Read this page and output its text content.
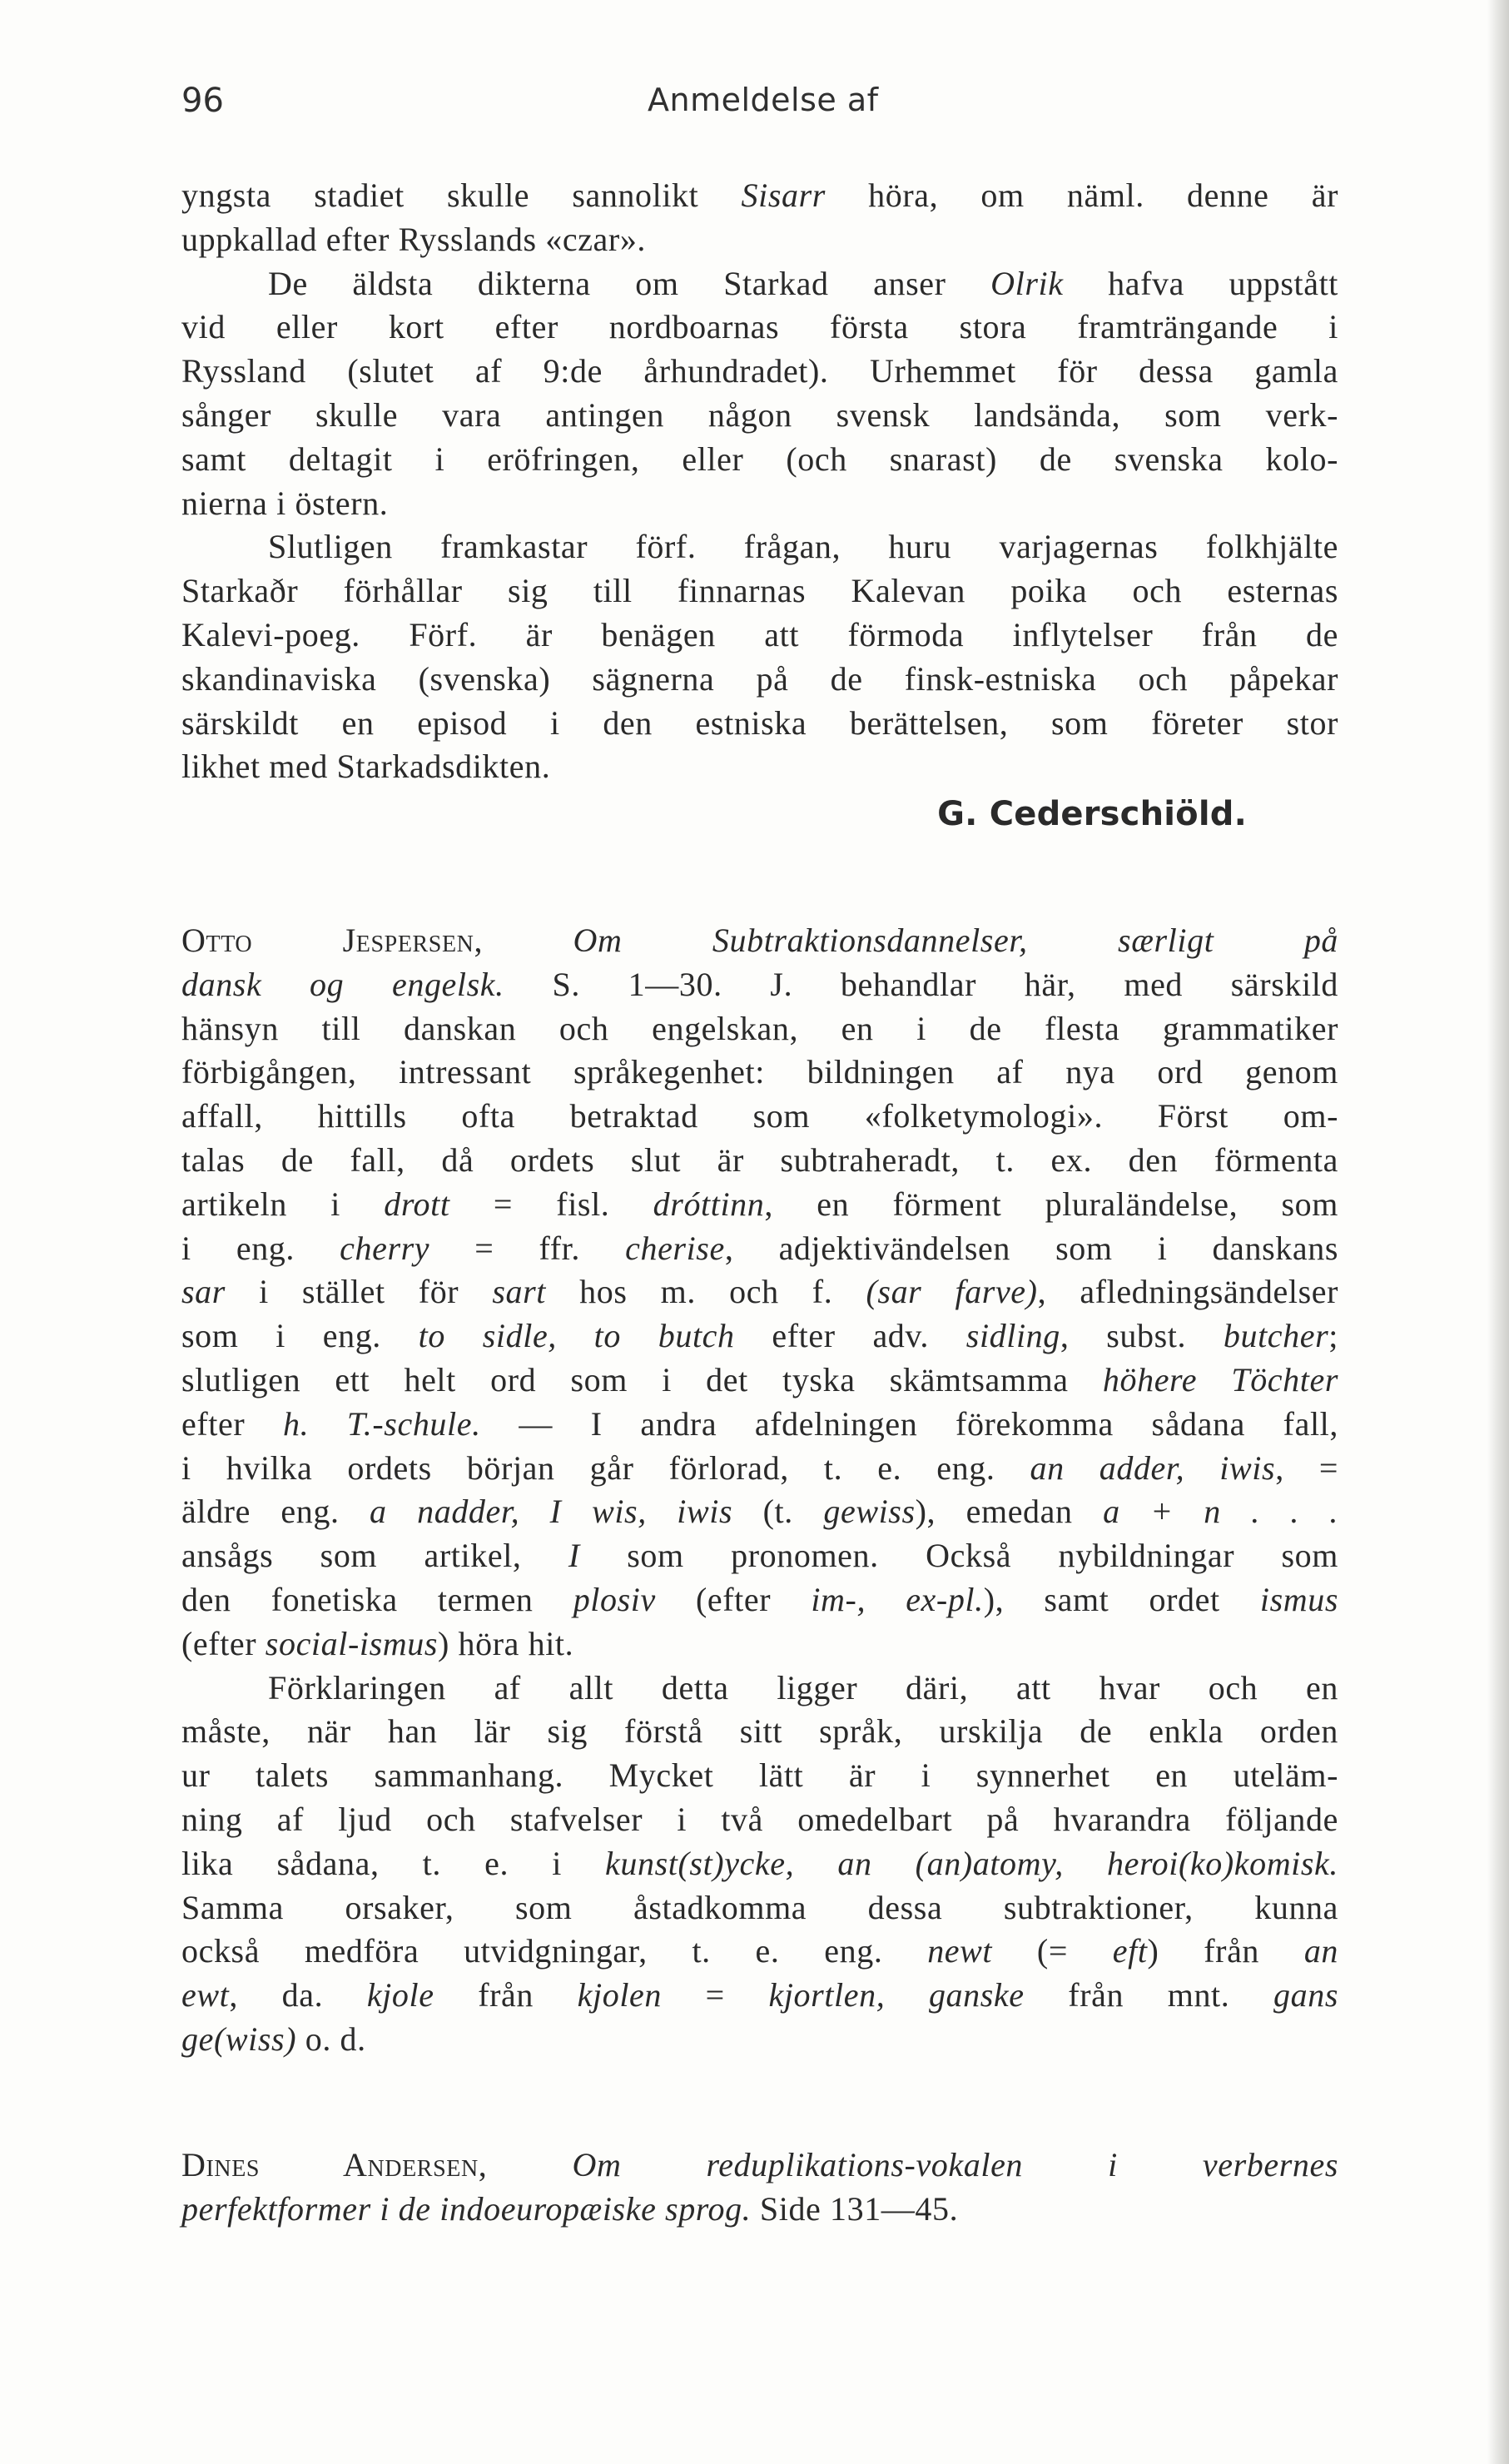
96	Anmeldelse af
yngsta stadiet skulle sannolikt Sisarr höra, om näml. denne är
uppkallad efter Rysslands «czar».
De äldsta dikterna om Starkad anser Olrik hafva uppstått
vid eller kort efter nordboarnas första stora framträngande i
Ryssland (slutet af 9:de århundradet). Urhemmet för dessa gamla
sånger skulle vara antingen någon svensk landsända, som verk-
samt deltagit i eröfringen, eller (och snarast) de svenska kolo-
nierna i östern.
Slutligen framkastar förf. frågan, huru varjagernas folkhjälte
Starkaðr förhållar sig till finnarnas Kalevan poika och esternas
Kalevi-poeg. Förf. är benägen att förmoda inflytelser från de
skandinaviska (svenska) sägnerna på de finsk-estniska och påpekar
särskildt en episod i den estniska berättelsen, som företer stor
likhet med Starkadsdikten.
G. Cederschiöld.
Otto Jespersen, Om Subtraktionsdannelser, særligt på
dansk og engelsk. S. 1—30. J. behandlar här, med särskild
hänsyn till danskan och engelskan, en i de flesta grammatiker
förbigången, intressant språkegenhet: bildningen af nya ord genom
affall, hittills ofta betraktad som «folketymologi». Först om-
talas de fall, då ordets slut är subtraheradt, t. ex. den förmenta
artikeln i drott = fisl. dróttinn, en förment pluraländelse, som
i eng. cherry = ffr. cherise, adjektivändelsen som i danskans
sar i stället för sart hos m. och f. (sar farve), afledningsändelser
som i eng. to sidle, to butch efter adv. sidling, subst. butcher;
slutligen ett helt ord som i det tyska skämtsamma höhere Töchter
efter h. T.-schule. — I andra afdelningen förekomma sådana fall,
i hvilka ordets början går förlorad, t. e. eng. an adder, iwis, =
äldre eng. a nadder, I wis, iwis (t. gewiss), emedan a + n . . .
ansågs som artikel, I som pronomen. Också nybildningar som
den fonetiska termen plosiv (efter im-, ex-pl.), samt ordet ismus
(efter social-ismus) höra hit.
Förklaringen af allt detta ligger däri, att hvar och en
måste, när han lär sig förstå sitt språk, urskilja de enkla orden
ur talets sammanhang. Mycket lätt är i synnerhet en uteläm-
ning af ljud och stafvelser i två omedelbart på hvarandra följande
lika sådana, t. e. i kunst(st)ycke, an (an)atomy, heroi(ko)komisk.
Samma orsaker, som åstadkomma dessa subtraktioner, kunna
också medföra utvidgningar, t. e. eng. newt (= eft) från an
ewt, da. kjole från kjolen = kjortlen, ganske från mnt. gans
ge(wiss) o. d.
Dines Andersen, Om reduplikations-vokalen i verbernes
perfektformer i de indoeuropæiske sprog. Side 131—45.
